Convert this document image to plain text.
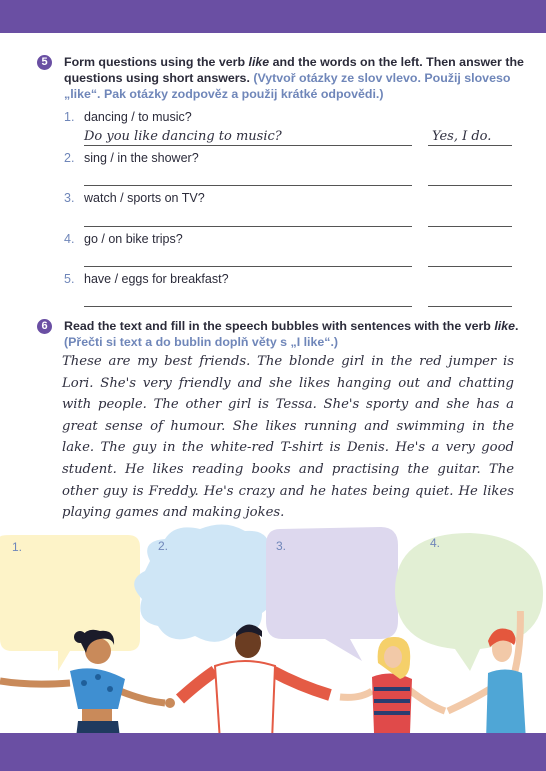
5	Form questions using the verb like and the words on the left. Then answer the questions using short answers. (Vytvoř otázky ze slov vlevo. Použij sloveso „like“. Pak otázky zodpověz a použij krátké odpovědi.)
1. dancing / to music?
Do you like dancing to music?	Yes, I do.
2. sing / in the shower?
3. watch / sports on TV?
4. go / on bike trips?
5. have / eggs for breakfast?
6	Read the text and fill in the speech bubbles with sentences with the verb like.
(Přečti si text a do bublin doplň věty s „I like“.)
These are my best friends. The blonde girl in the red jumper is Lori. She's very friendly and she likes hanging out and chatting with people. The other girl is Tessa. She's sporty and she has a great sense of humour. She likes running and swimming in the lake. The guy in the white-red T-shirt is Denis. He's a very good student. He likes reading books and practising the guitar. The other guy is Freddy. He's crazy and he hates being quiet. He likes playing games and making jokes.
1.	2.	3.	4.
